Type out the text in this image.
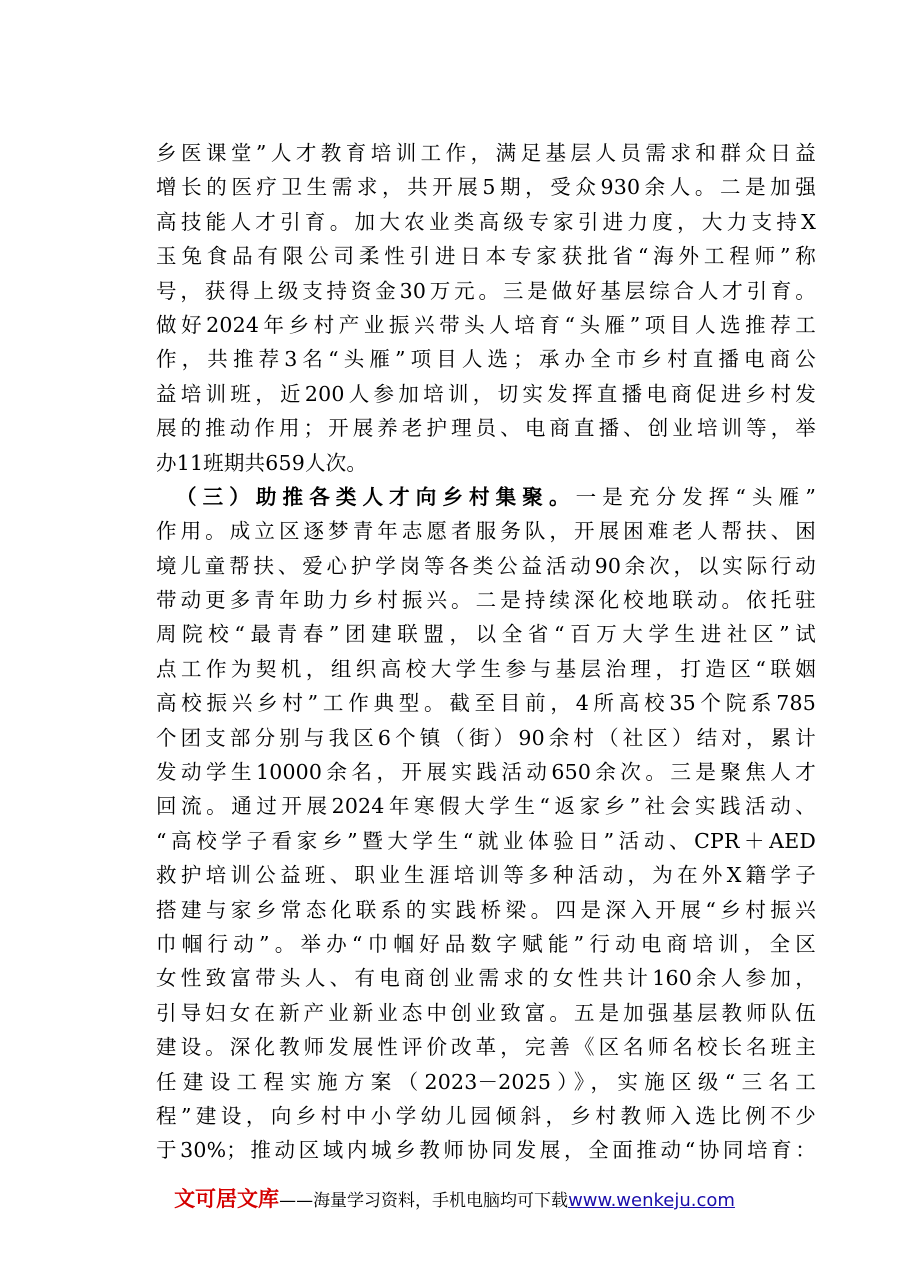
乡医课堂”人才教育培训工作，满足基层人员需求和群众日益
增长的医疗卫生需求，共开展5期，受众930余人。二是加强
高技能人才引育。加大农业类高级专家引进力度，大力支持X
玉兔食品有限公司柔性引进日本专家获批省“海外工程师”称
号，获得上级支持资金30万元。三是做好基层综合人才引育。
做好2024年乡村产业振兴带头人培育“头雁”项目人选推荐工
作，共推荐3名“头雁”项目人选；承办全市乡村直播电商公
益培训班，近200人参加培训，切实发挥直播电商促进乡村发
展的推动作用；开展养老护理员、电商直播、创业培训等，举
办11班期共659人次。
（三）助推各类人才向乡村集聚。一是充分发挥“头雁”
作用。成立区逐梦青年志愿者服务队，开展困难老人帮扶、困
境儿童帮扶、爱心护学岗等各类公益活动90余次，以实际行动
带动更多青年助力乡村振兴。二是持续深化校地联动。依托驻
周院校“最青春”团建联盟，以全省“百万大学生进社区”试
点工作为契机，组织高校大学生参与基层治理，打造区“联姻
高校振兴乡村”工作典型。截至目前，4所高校35个院系785
个团支部分别与我区6个镇（街）90余村（社区）结对，累计
发动学生10000余名，开展实践活动650余次。三是聚焦人才
回流。通过开展2024年寒假大学生“返家乡”社会实践活动、
“高校学子看家乡”暨大学生“就业体验日”活动、CPR＋AED
救护培训公益班、职业生涯培训等多种活动，为在外X籍学子
搭建与家乡常态化联系的实践桥梁。四是深入开展“乡村振兴
巾帼行动”。举办“巾帼好品数字赋能”行动电商培训，全区
女性致富带头人、有电商创业需求的女性共计160余人参加，
引导妇女在新产业新业态中创业致富。五是加强基层教师队伍
建设。深化教师发展性评价改革，完善《区名师名校长名班主
任建设工程实施方案（2023－2025）》，实施区级“三名工
程”建设，向乡村中小学幼儿园倾斜，乡村教师入选比例不少
于30%；推动区域内城乡教师协同发展，全面推动“协同培育：
文可居文库——海量学习资料，手机电脑均可下载www.wenkeju.com
